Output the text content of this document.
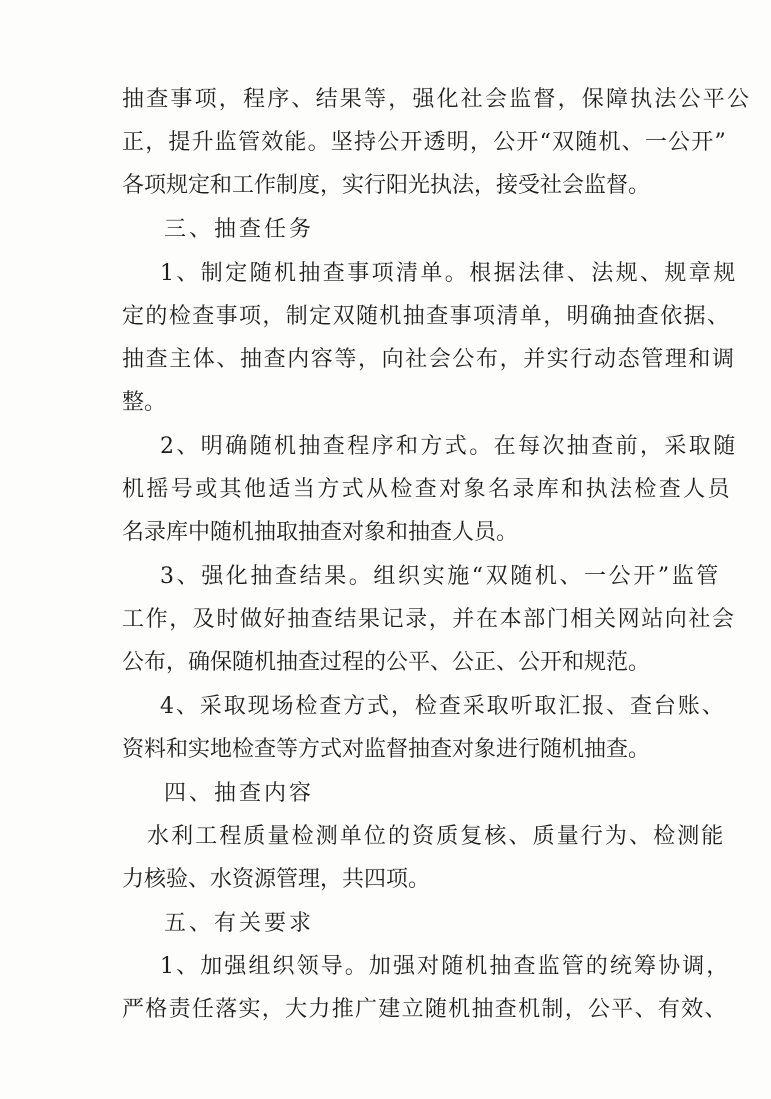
抽查事项，程序、结果等，强化社会监督，保障执法公平公
正，提升监管效能。坚持公开透明，公开“双随机、一公开”
各项规定和工作制度，实行阳光执法，接受社会监督。
三、抽查任务
1、制定随机抽查事项清单。根据法律、法规、规章规
定的检查事项，制定双随机抽查事项清单，明确抽查依据、
抽查主体、抽查内容等，向社会公布，并实行动态管理和调
整。
2、明确随机抽查程序和方式。在每次抽查前，采取随
机摇号或其他适当方式从检查对象名录库和执法检查人员
名录库中随机抽取抽查对象和抽查人员。
3、强化抽查结果。组织实施“双随机、一公开”监管
工作，及时做好抽查结果记录，并在本部门相关网站向社会
公布，确保随机抽查过程的公平、公正、公开和规范。
4、采取现场检查方式，检查采取听取汇报、查台账、
资料和实地检查等方式对监督抽查对象进行随机抽查。
四、抽查内容
水利工程质量检测单位的资质复核、质量行为、检测能
力核验、水资源管理，共四项。
五、有关要求
1、加强组织领导。加强对随机抽查监管的统筹协调，
严格责任落实，大力推广建立随机抽查机制，公平、有效、
